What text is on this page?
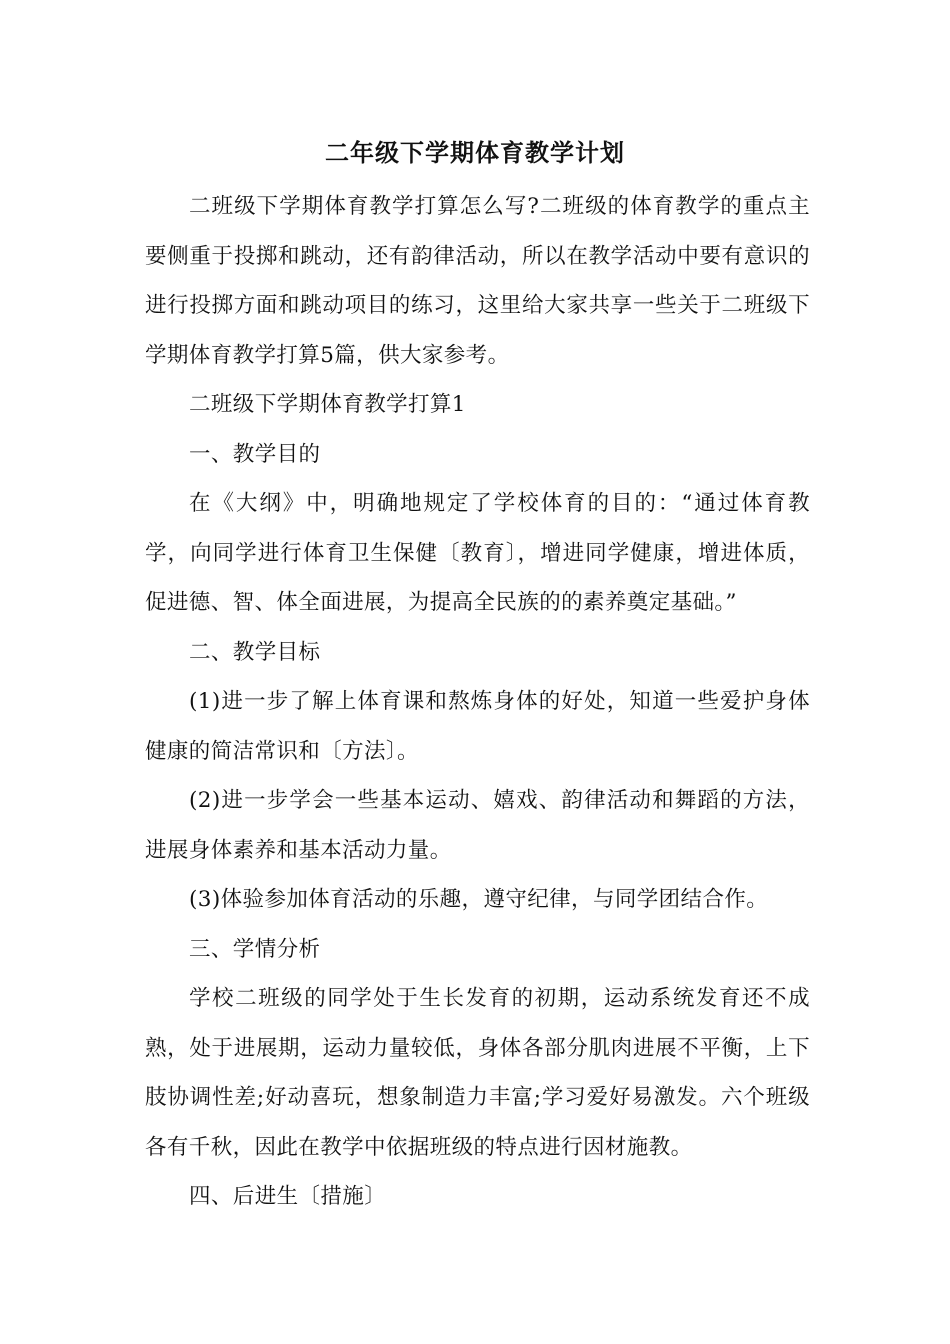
二年级下学期体育教学计划

二班级下学期体育教学打算怎么写?二班级的体育教学的重点主要侧重于投掷和跳动，还有韵律活动，所以在教学活动中要有意识的进行投掷方面和跳动项目的练习，这里给大家共享一些关于二班级下学期体育教学打算5篇，供大家参考。

二班级下学期体育教学打算1

一、教学目的

在《大纲》中，明确地规定了学校体育的目的：“通过体育教学，向同学进行体育卫生保健〔教育〕，增进同学健康，增进体质，促进德、智、体全面进展，为提高全民族的的素养奠定基础。”

二、教学目标

(1)进一步了解上体育课和熬炼身体的好处，知道一些爱护身体健康的简洁常识和〔方法〕。

(2)进一步学会一些基本运动、嬉戏、韵律活动和舞蹈的方法，进展身体素养和基本活动力量。

(3)体验参加体育活动的乐趣，遵守纪律，与同学团结合作。

三、学情分析

学校二班级的同学处于生长发育的初期，运动系统发育还不成熟，处于进展期，运动力量较低，身体各部分肌肉进展不平衡，上下肢协调性差;好动喜玩，想象制造力丰富;学习爱好易激发。六个班级各有千秋，因此在教学中依据班级的特点进行因材施教。

四、后进生〔措施〕
